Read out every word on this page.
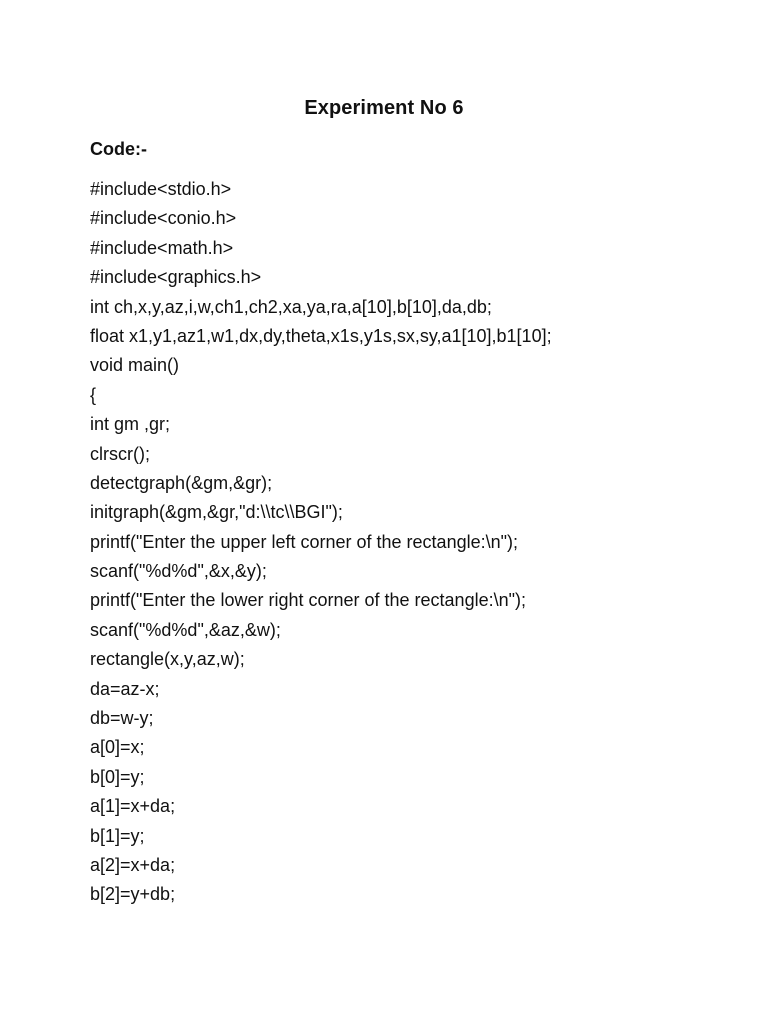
Experiment No 6
Code:-
#include<stdio.h>
#include<conio.h>
#include<math.h>
#include<graphics.h>
int ch,x,y,az,i,w,ch1,ch2,xa,ya,ra,a[10],b[10],da,db;
float x1,y1,az1,w1,dx,dy,theta,x1s,y1s,sx,sy,a1[10],b1[10];
void main()
{
int gm ,gr;
clrscr();
detectgraph(&gm,&gr);
initgraph(&gm,&gr,"d:\\tc\\BGI");
printf("Enter the upper left corner of the rectangle:\n");
scanf("%d%d",&x,&y);
printf("Enter the lower right corner of the rectangle:\n");
scanf("%d%d",&az,&w);
rectangle(x,y,az,w);
da=az-x;
db=w-y;
a[0]=x;
b[0]=y;
a[1]=x+da;
b[1]=y;
a[2]=x+da;
b[2]=y+db;
